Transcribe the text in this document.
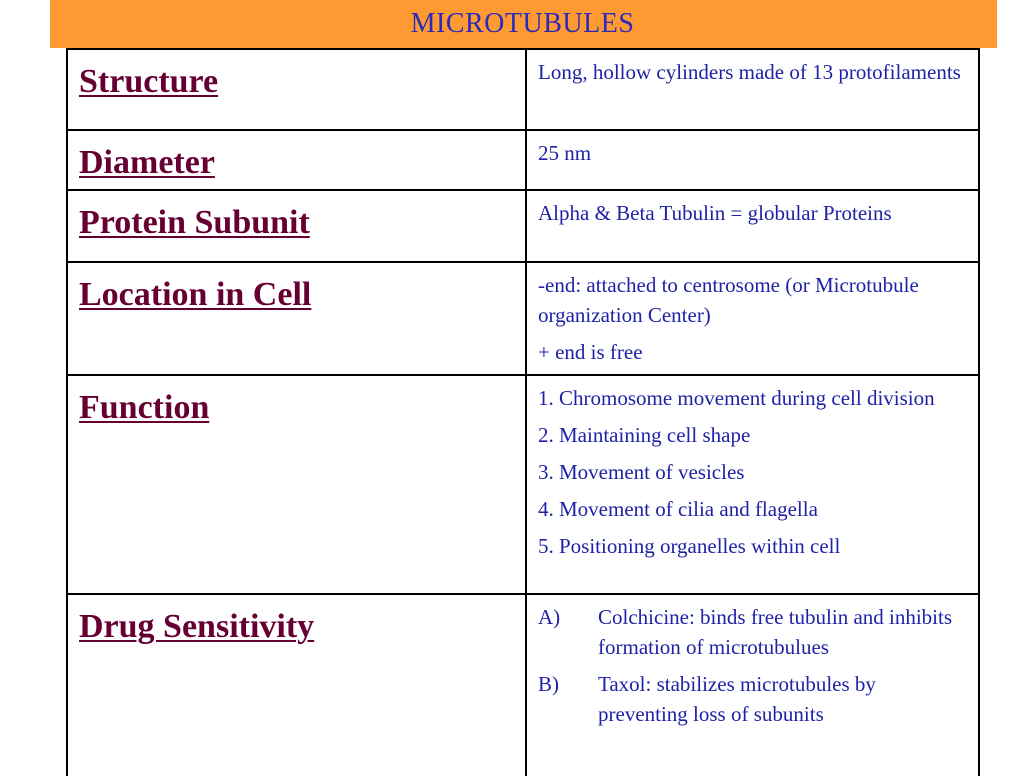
MICROTUBULES
Structure	Long, hollow cylinders made of 13 protofilaments

Diameter	25 nm

Protein Subunit	Alpha & Beta Tubulin = globular Proteins

Location in Cell	-end: attached to centrosome (or Microtubule organization Center)

+ end is free

Function	1. Chromosome movement during cell division

2. Maintaining cell shape

3. Movement of vesicles

4. Movement of cilia and flagella

5. Positioning organelles within cell

Drug Sensitivity	A) Colchicine: binds free tubulin and inhibits formation of microtubulues
B) Taxol: stabilizes microtubules by preventing loss of subunits
